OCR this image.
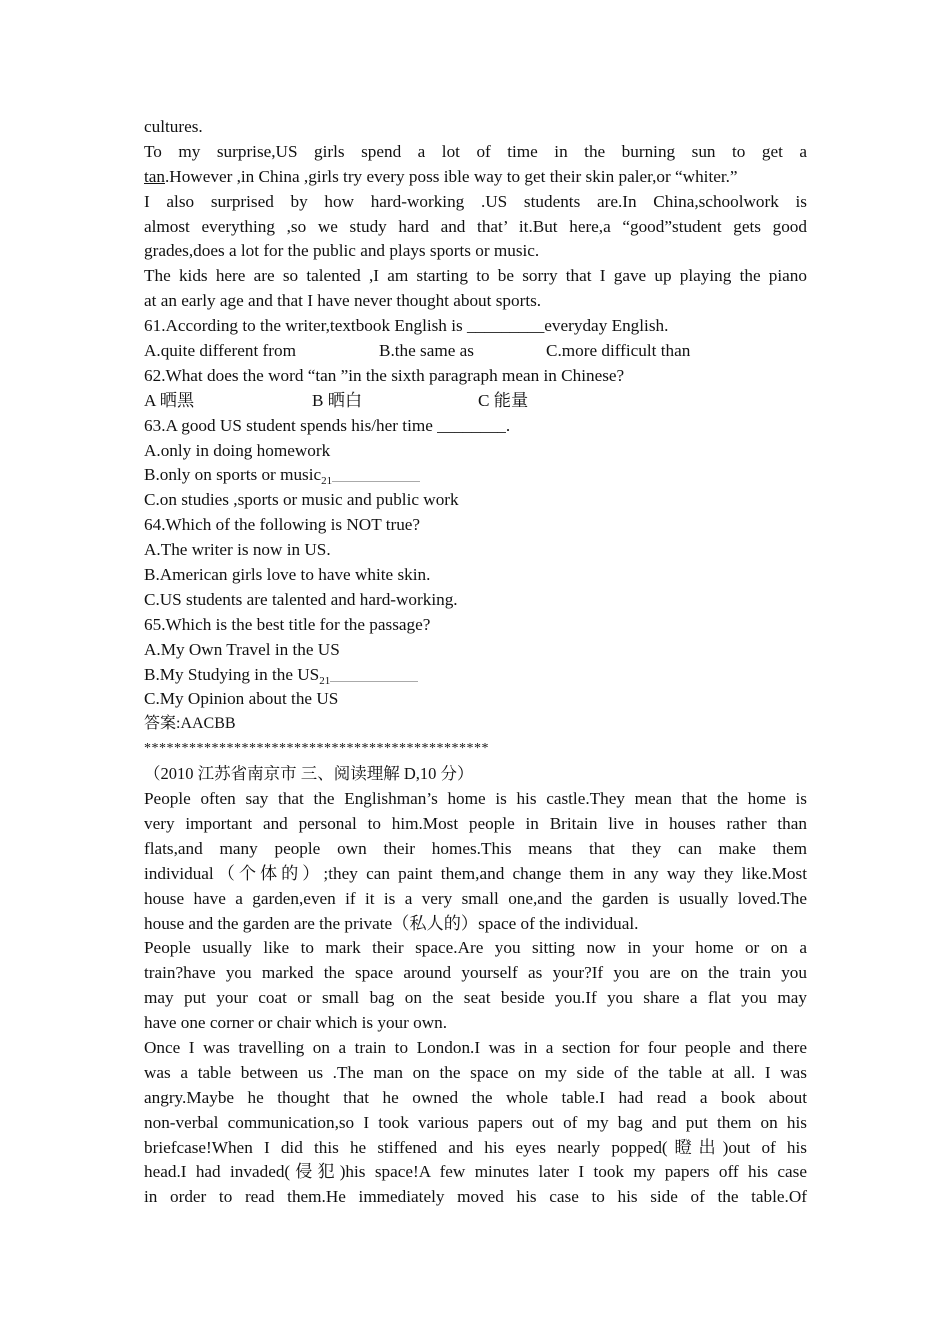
cultures.
To my surprise,US girls spend a lot of time in the burning sun to get a
tan.However ,in China ,girls try every poss ible way to get their skin paler,or “whiter.”
I also surprised by how hard-working .US students are.In China,schoolwork is
almost everything ,so we study hard and that’ it.But here,a “good”student gets good
grades,does a lot for the public and plays sports or music.
The kids here are so talented ,I am starting to be sorry that I gave up playing the piano
at an early age and that I have never thought about sports.
61.According to the writer,textbook English is _________everyday English.
A.quite different from	B.the same as	C.more difficult than
62.What does the word “tan ”in the sixth paragraph mean in Chinese?
A 晒黑	B 晒白	C 能量
63.A good US student spends his/her time ________.
A.only in doing homework
B.only on sports or music$_{21}$
C.on studies ,sports or music and public work
64.Which of the following is NOT true?
A.The writer is now in US.
B.American girls love to have white skin.
C.US students are talented and hard-working.
65.Which is the best title for the passage?
A.My Own Travel in the US
B.My Studying in the $US_{21}$
C.My Opinion about the US
答案:AACBB
**********************************************
（2010 江苏省南京市 三、阅读理解 D,10 分）
People often say that the Englishman’s home is his castle.They mean that the home is
very important and personal to him.Most people in Britain live in houses rather than
flats,and many people own their homes.This means that they can make them
individual（个体的）;they can paint them,and change them in any way they like.Most
house have a garden,even if it is a very small one,and the garden is usually loved.The
house and the garden are the private（私人的）space of the individual.
People usually like to mark their space.Are you sitting now in your home or on a
train?have you marked the space around yourself as your?If you are on the train you
may put your coat or small bag on the seat beside you.If you share a flat you may
have one corner or chair which is your own.
Once I was travelling on a train to London.I was in a section for four people and there
was a table between us .The man on the space on my side of the table at all. I was
angry.Maybe he thought that he owned the whole table.I had read a book about
non-verbal communication,so I took various papers out of my bag and put them on his
briefcase!When I did this he stiffened and his eyes nearly popped(瞪出)out of his
head.I had invaded(侵犯)his space!A few minutes later I took my papers off his case
in order to read them.He immediately moved his case to his side of the table.Of
